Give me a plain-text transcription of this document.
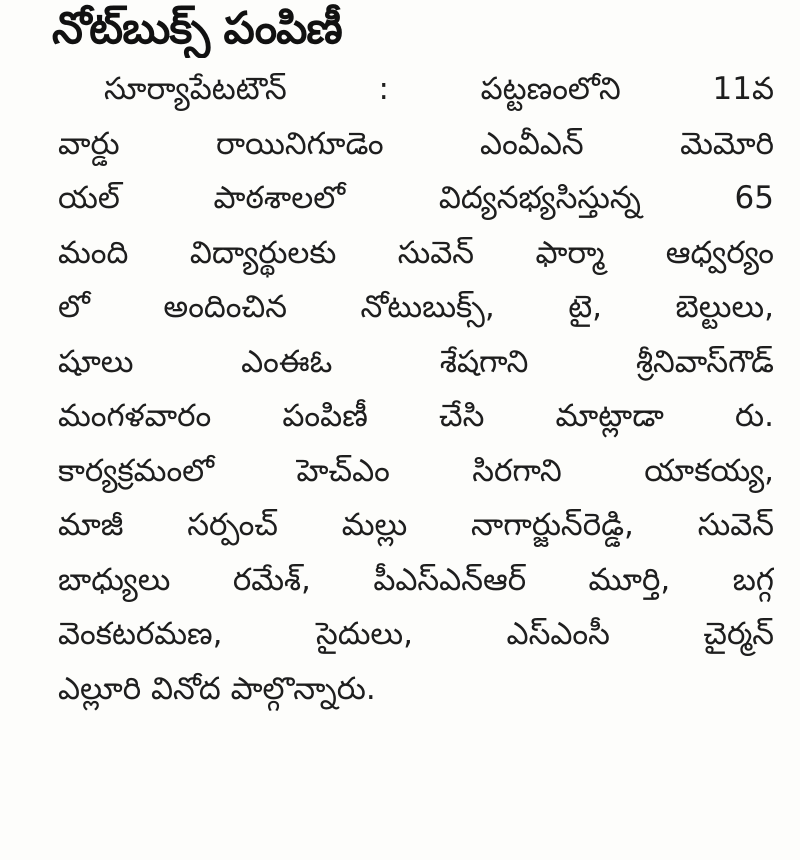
నోట్‌బుక్స్ పంపిణీ
సూర్యాపేటటౌన్ : పట్టణంలోని 11వ
వార్డు రాయినిగూడెం ఎంవీఎన్ మెమోరి
యల్ పాఠశాలలో విద్యనభ్యసిస్తున్న 65
మంది విద్యార్థులకు సువెన్ ఫార్మా ఆధ్వర్యం
లో అందించిన నోటుబుక్స్, టై, బెల్టులు,
షూలు ఎంఈఓ శేషగాని శ్రీనివాస్‌గౌడ్
మంగళవారం పంపిణీ చేసి మాట్లాడా రు.
కార్యక్రమంలో హెచ్‌ఎం సిరగాని యాకయ్య,
మాజీ సర్పంచ్ మల్లు నాగార్జున్‌రెడ్డి, సువెన్
బాధ్యులు రమేశ్, పీఎస్‌ఎన్‌ఆర్ మూర్తి, బగ్గ
వెంకటరమణ, సైదులు, ఎస్‌ఎంసీ చైర్మన్
ఎల్లూరి వినోద పాల్గొన్నారు.
